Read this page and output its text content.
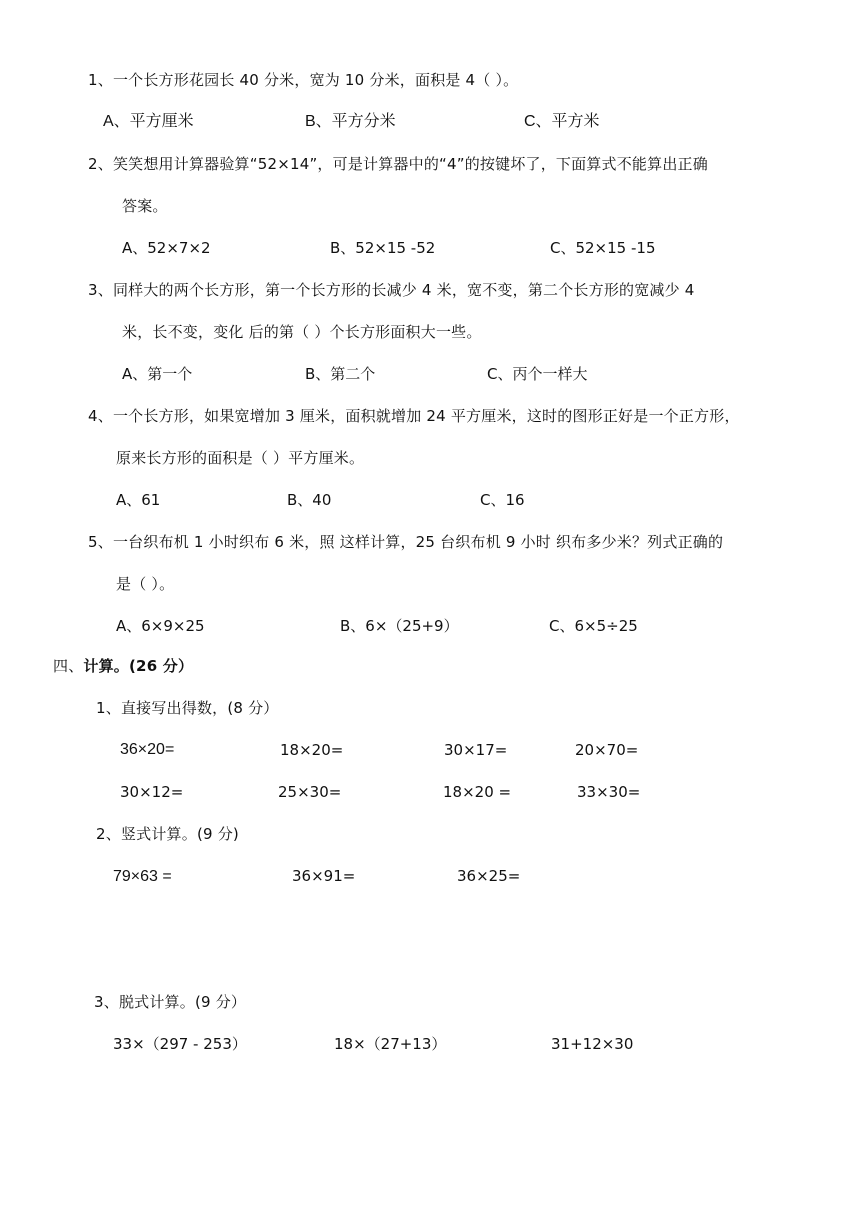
1、一个长方形花园长 40 分米，宽为 10 分米，面积是 4（ ）。
A、平方厘米	B、平方分米	C、平方米
2、笑笑想用计算器验算“52×14”，可是计算器中的“4”的按键坏了，下面算式不能算出正确
答案。
A、52×7×2	B、52×15 -52	C、52×15 -15
3、同样大的两个长方形，第一个长方形的长减少 4 米，宽不变，第二个长方形的宽减少 4
米，长不变，变化 后的第（ ）个长方形面积大一些。
A、第一个	B、第二个	C、丙个一样大
4、一个长方形，如果宽增加 3 厘米，面积就增加 24 平方厘米，这时的图形正好是一个正方形，
原来长方形的面积是（ ）平方厘米。
A、61	B、40	C、16
5、一台织布机 1 小时织布 6 米，照 这样计算，25 台织布机 9 小时 织布多少米？列式正确的
是（ ）。
A、6×9×25	B、6×（25+9）	C、6×5÷25
四、计算。(26 分）
1、直接写出得数，(8 分）
36×20=	18×20=	30×17=	20×70=
30×12=	25×30=	18×20 =	33×30=
2、竖式计算。(9 分)
79×63 =	36×91=	36×25=
3、脱式计算。(9 分）
33×（297 - 253）	18×（27+13）	31+12×30
